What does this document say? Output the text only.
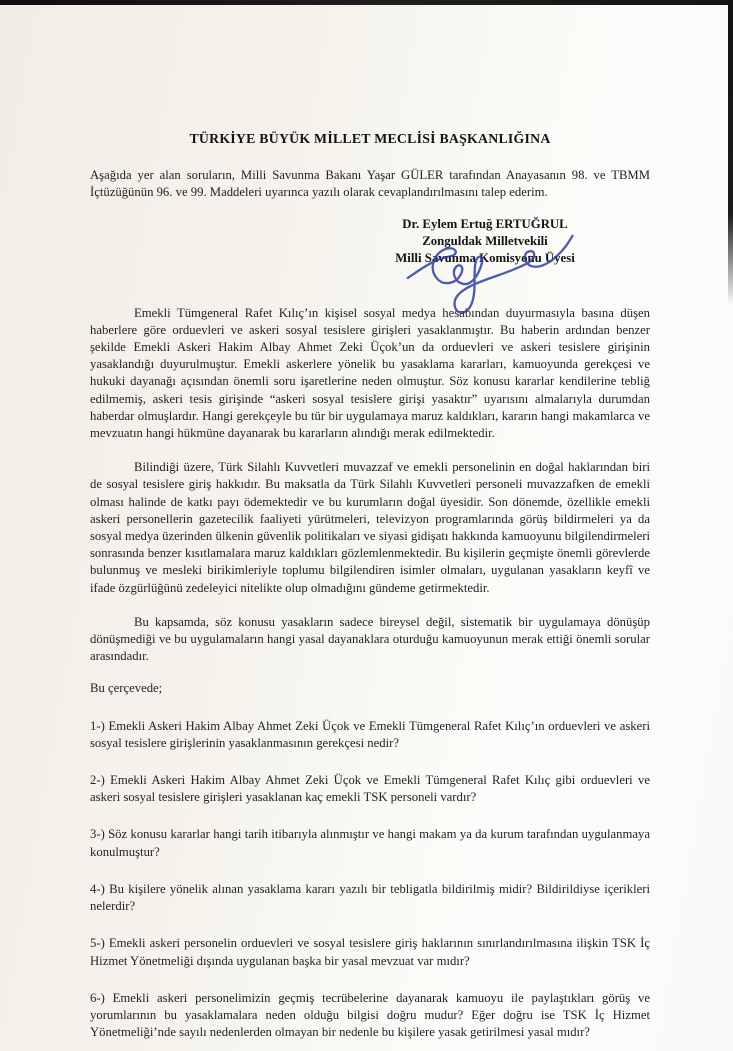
TÜRKİYE BÜYÜK MİLLET MECLİSİ BAŞKANLIĞINA

Aşağıda yer alan soruların, Milli Savunma Bakanı Yaşar GÜLER tarafından Anayasanın 98. ve TBMM İçtüzüğünün 96. ve 99. Maddeleri uyarınca yazılı olarak cevaplandırılmasını talep ederim.

Dr. Eylem Ertuğ ERTUĞRUL
Zonguldak Milletvekili
Milli Savunma Komisyonu Üyesi

Emekli Tümgeneral Rafet Kılıç’ın kişisel sosyal medya hesabından duyurmasıyla basına düşen haberlere göre orduevleri ve askeri sosyal tesislere girişleri yasaklanmıştır. Bu haberin ardından benzer şekilde Emekli Askeri Hakim Albay Ahmet Zeki Üçok’un da orduevleri ve askeri tesislere girişinin yasaklandığı duyurulmuştur. Emekli askerlere yönelik bu yasaklama kararları, kamuoyunda gerekçesi ve hukuki dayanağı açısından önemli soru işaretlerine neden olmuştur. Söz konusu kararlar kendilerine tebliğ edilmemiş, askeri tesis girişinde “askeri sosyal tesislere girişi yasaktır” uyarısını almalarıyla durumdan haberdar olmuşlardır. Hangi gerekçeyle bu tür bir uygulamaya maruz kaldıkları, kararın hangi makamlarca ve mevzuatın hangi hükmüne dayanarak bu kararların alındığı merak edilmektedir.

Bilindiği üzere, Türk Silahlı Kuvvetleri muvazzaf ve emekli personelinin en doğal haklarından biri de sosyal tesislere giriş hakkıdır. Bu maksatla da Türk Silahlı Kuvvetleri personeli muvazzafken de emekli olması halinde de katkı payı ödemektedir ve bu kurumların doğal üyesidir. Son dönemde, özellikle emekli askeri personellerin gazetecilik faaliyeti yürütmeleri, televizyon programlarında görüş bildirmeleri ya da sosyal medya üzerinden ülkenin güvenlik politikaları ve siyasi gidişatı hakkında kamuoyunu bilgilendirmeleri sonrasında benzer kısıtlamalara maruz kaldıkları gözlemlenmektedir. Bu kişilerin geçmişte önemli görevlerde bulunmuş ve mesleki birikimleriyle toplumu bilgilendiren isimler olmaları, uygulanan yasakların keyfî ve ifade özgürlüğünü zedeleyici nitelikte olup olmadığını gündeme getirmektedir.

Bu kapsamda, söz konusu yasakların sadece bireysel değil, sistematik bir uygulamaya dönüşüp dönüşmediği ve bu uygulamaların hangi yasal dayanaklara oturduğu kamuoyunun merak ettiği önemli sorular arasındadır.

Bu çerçevede;

1-) Emekli Askeri Hakim Albay Ahmet Zeki Üçok ve Emekli Tümgeneral Rafet Kılıç’ın orduevleri ve askeri sosyal tesislere girişlerinin yasaklanmasının gerekçesi nedir?

2-) Emekli Askeri Hakim Albay Ahmet Zeki Üçok ve Emekli Tümgeneral Rafet Kılıç gibi orduevleri ve askeri sosyal tesislere girişleri yasaklanan kaç emekli TSK personeli vardır?

3-) Söz konusu kararlar hangi tarih itibarıyla alınmıştır ve hangi makam ya da kurum tarafından uygulanmaya konulmuştur?

4-) Bu kişilere yönelik alınan yasaklama kararı yazılı bir tebligatla bildirilmiş midir? Bildirildiyse içerikleri nelerdir?

5-) Emekli askeri personelin orduevleri ve sosyal tesislere giriş haklarının sınırlandırılmasına ilişkin TSK İç Hizmet Yönetmeliği dışında uygulanan başka bir yasal mevzuat var mıdır?

6-) Emekli askeri personelimizin geçmiş tecrübelerine dayanarak kamuoyu ile paylaştıkları görüş ve yorumlarının bu yasaklamalara neden olduğu bilgisi doğru mudur? Eğer doğru ise TSK İç Hizmet Yönetmeliği’nde sayılı nedenlerden olmayan bir nedenle bu kişilere yasak getirilmesi yasal mıdır?
